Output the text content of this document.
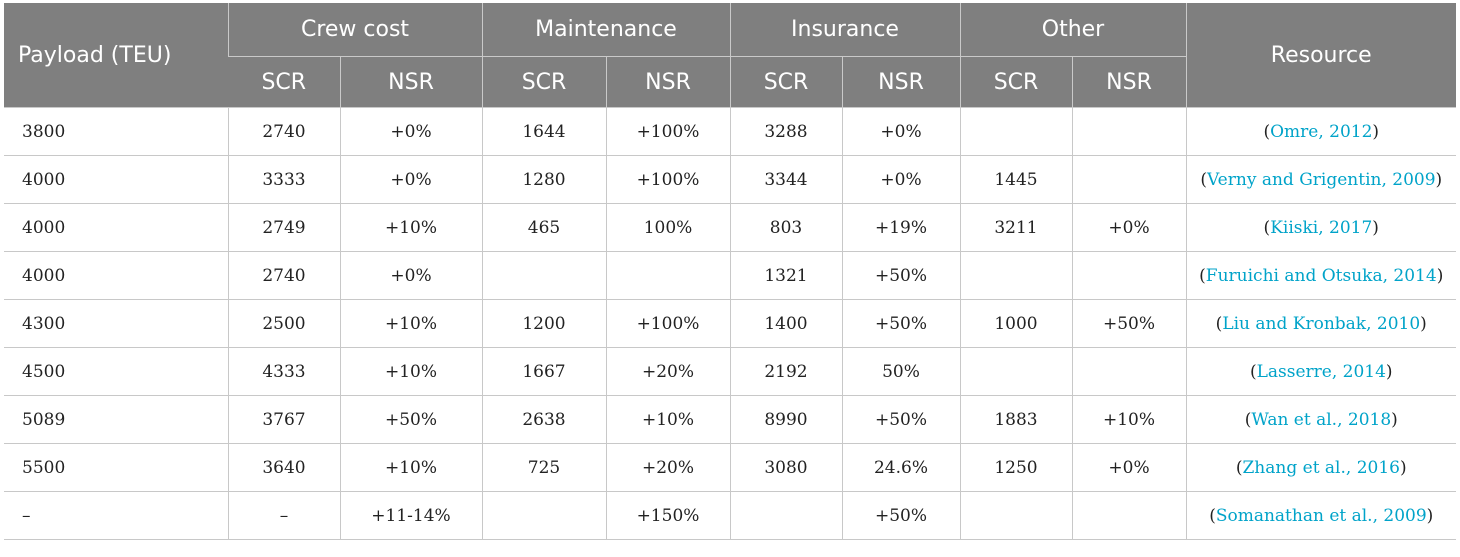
Payload (TEU)	Crew cost		Maintenance		Insurance		Other		Resource
	SCR	NSR	SCR	NSR	SCR	NSR	SCR	NSR	
3800	2740	+0%	1644	+100%	3288	+0%			(Omre, 2012)
4000	3333	+0%	1280	+100%	3344	+0%	1445		(Verny and Grigentin, 2009)
4000	2749	+10%	465	100%	803	+19%	3211	+0%	(Kiiski, 2017)
4000	2740	+0%			1321	+50%			(Furuichi and Otsuka, 2014)
4300	2500	+10%	1200	+100%	1400	+50%	1000	+50%	(Liu and Kronbak, 2010)
4500	4333	+10%	1667	+20%	2192	50%			(Lasserre, 2014)
5089	3767	+50%	2638	+10%	8990	+50%	1883	+10%	(Wan et al., 2018)
5500	3640	+10%	725	+20%	3080	24.6%	1250	+0%	(Zhang et al., 2016)
–	–	+11-14%		+150%		+50%			(Somanathan et al., 2009)
